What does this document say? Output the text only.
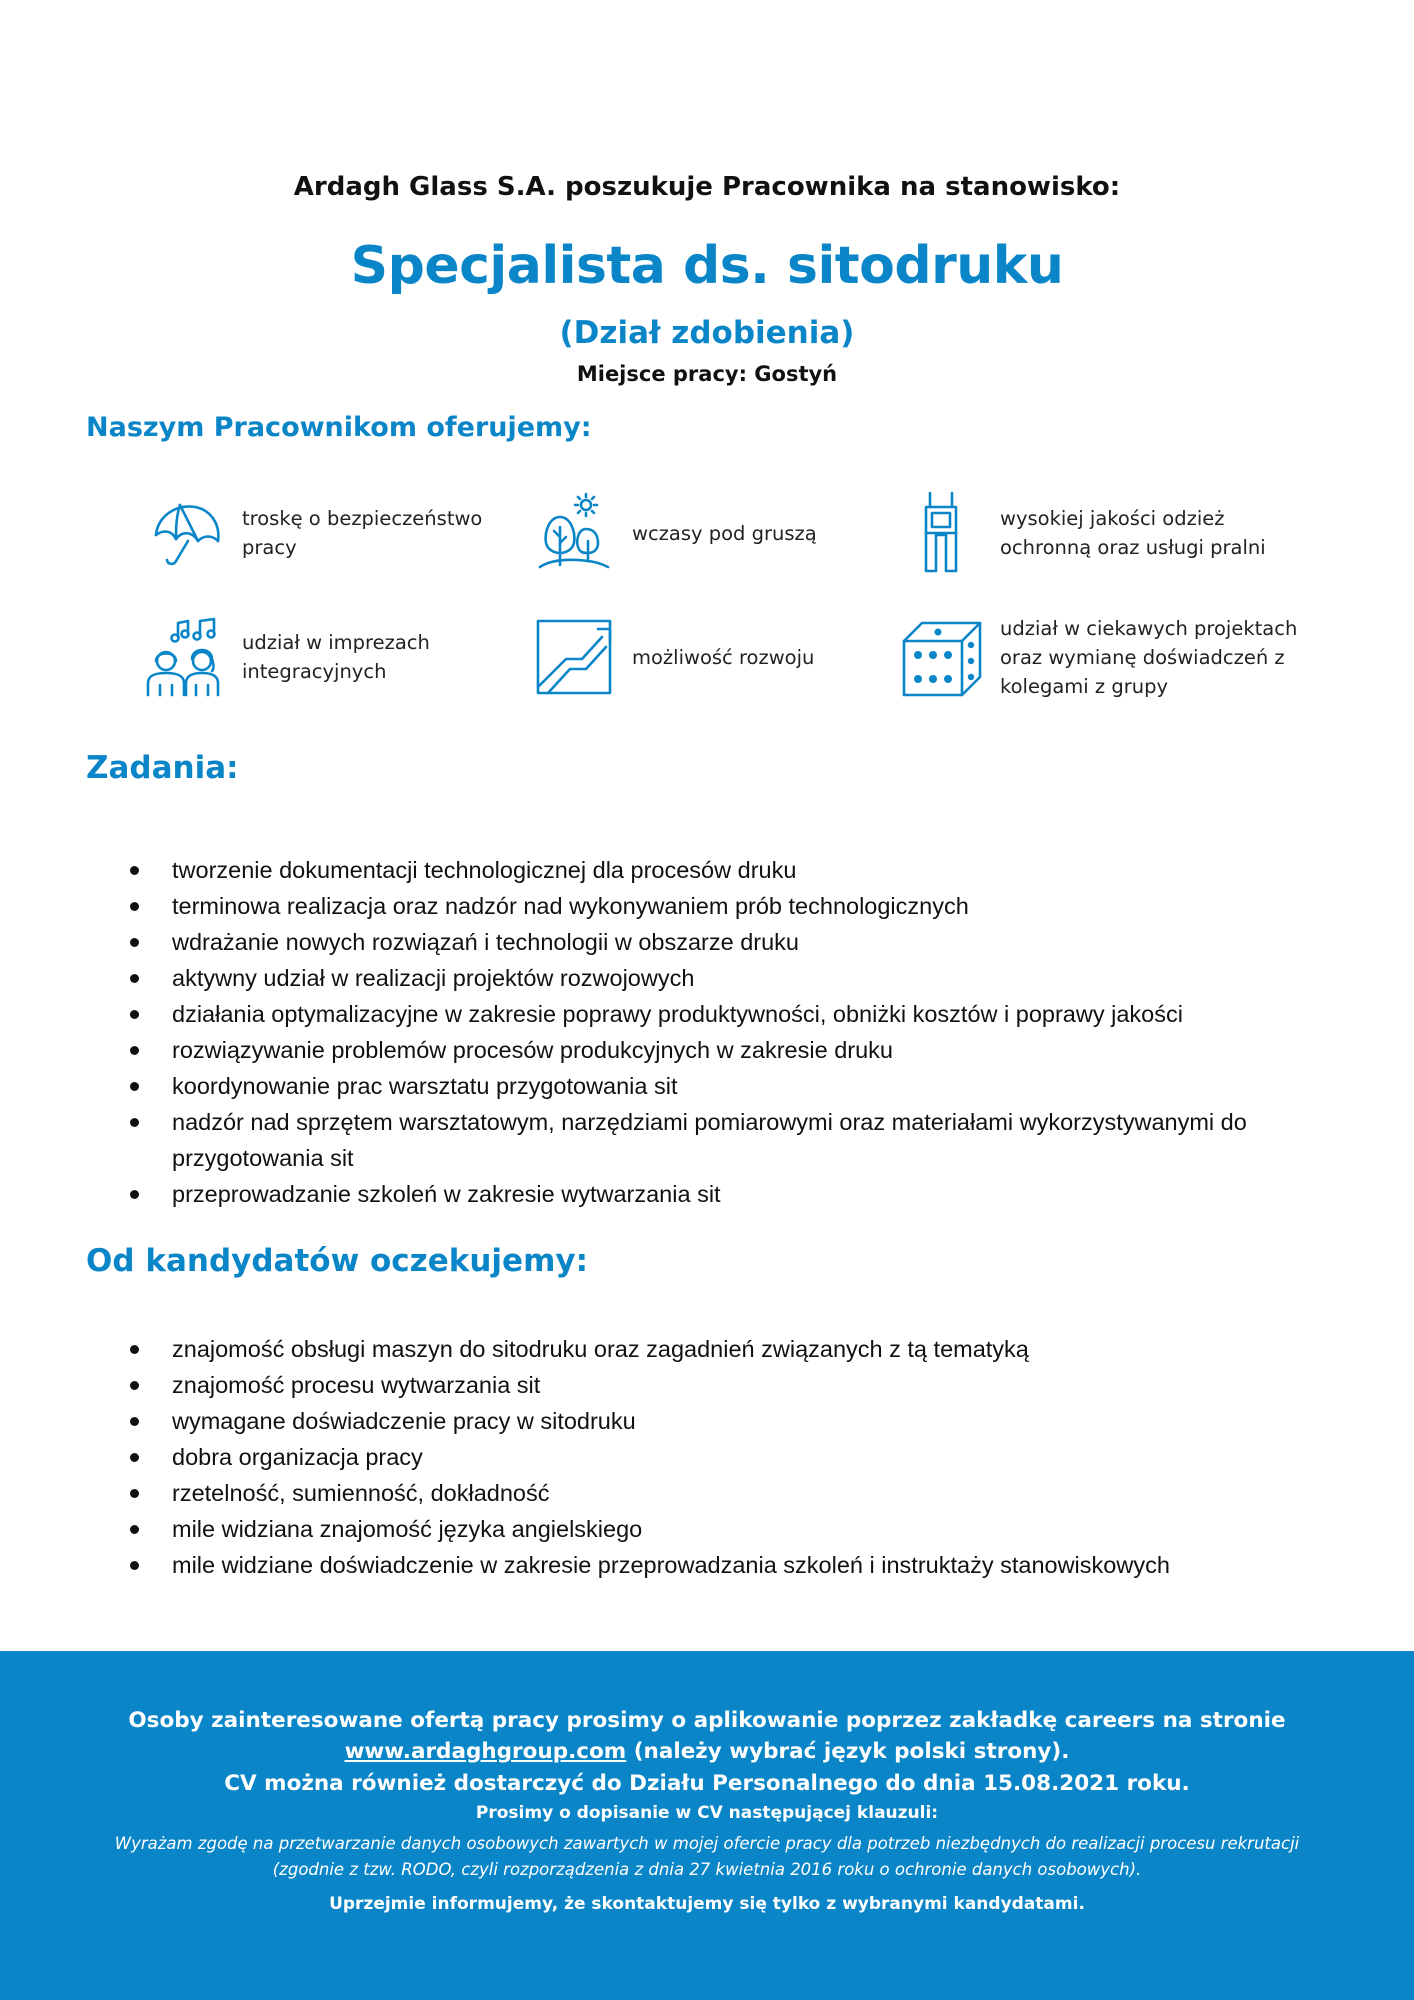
Ardagh Glass S.A. poszukuje Pracownika na stanowisko:
Specjalista ds. sitodruku
(Dział zdobienia)
Miejsce pracy: Gostyń
Naszym Pracownikom oferujemy:
troskę o bezpieczeństwo pracy
wczasy pod gruszą
wysokiej jakości odzież ochronną oraz usługi pralni
udział w imprezach integracyjnych
możliwość rozwoju
udział w ciekawych projektach oraz wymianę doświadczeń z kolegami z grupy
Zadania:
tworzenie dokumentacji technologicznej dla procesów druku
terminowa realizacja oraz nadzór nad wykonywaniem prób technologicznych
wdrażanie nowych rozwiązań i technologii w obszarze druku
aktywny udział w realizacji projektów rozwojowych
działania optymalizacyjne w zakresie poprawy produktywności, obniżki kosztów i poprawy jakości
rozwiązywanie problemów procesów produkcyjnych w zakresie druku
koordynowanie prac warsztatu przygotowania sit
nadzór nad sprzętem warsztatowym, narzędziami pomiarowymi oraz materiałami wykorzystywanymi do przygotowania sit
przeprowadzanie szkoleń w zakresie wytwarzania sit
Od kandydatów oczekujemy:
znajomość obsługi maszyn do sitodruku oraz zagadnień związanych z tą tematyką
znajomość procesu wytwarzania sit
wymagane doświadczenie pracy w sitodruku
dobra organizacja pracy
rzetelność, sumienność, dokładność
mile widziana znajomość języka angielskiego
mile widziane doświadczenie w zakresie przeprowadzania szkoleń i instruktaży stanowiskowych
Osoby zainteresowane ofertą pracy prosimy o aplikowanie poprzez zakładkę careers na stronie
www.ardaghgroup.com (należy wybrać język polski strony).
CV można również dostarczyć do Działu Personalnego do dnia 15.08.2021 roku.
Prosimy o dopisanie w CV następującej klauzuli:
Wyrażam zgodę na przetwarzanie danych osobowych zawartych w mojej ofercie pracy dla potrzeb niezbędnych do realizacji procesu rekrutacji
(zgodnie z tzw. RODO, czyli rozporządzenia z dnia 27 kwietnia 2016 roku o ochronie danych osobowych).
Uprzejmie informujemy, że skontaktujemy się tylko z wybranymi kandydatami.
